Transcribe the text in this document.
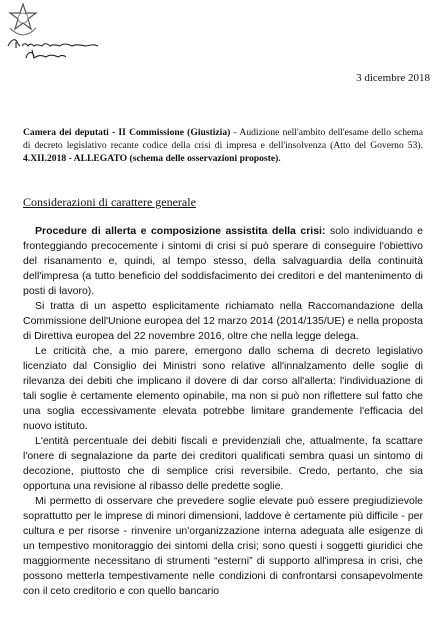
3 dicembre 2018
Camera dei deputati - II Commissione (Giustizia) - Audizione nell'ambito dell'esame dello schema di decreto legislativo recante codice della crisi di impresa e dell'insolvenza (Atto del Governo 53). 4.XII.2018 - ALLEGATO (schema delle osservazioni proposte).
Considerazioni di carattere generale

Procedure di allerta e composizione assistita della crisi: solo individuando e fronteggiando precocemente i sintomi di crisi si può sperare di conseguire l'obiettivo del risanamento e, quindi, al tempo stesso, della salvaguardia della continuità dell'impresa (a tutto beneficio del soddisfacimento dei creditori e del mantenimento di posti di lavoro).

Si tratta di un aspetto esplicitamente richiamato nella Raccomandazione della Commissione dell'Unione europea del 12 marzo 2014 (2014/135/UE) e nella proposta di Direttiva europea del 22 novembre 2016, oltre che nella legge delega.

Le criticità che, a mio parere, emergono dallo schema di decreto legislativo licenziato dal Consiglio dei Ministri sono relative all'innalzamento delle soglie di rilevanza dei debiti che implicano il dovere di dar corso all'allerta: l'individuazione di tali soglie è certamente elemento opinabile, ma non si può non riflettere sul fatto che una soglia eccessivamente elevata potrebbe limitare grandemente l'efficacia del nuovo istituto.

L'entità percentuale dei debiti fiscali e previdenziali che, attualmente, fa scattare l'onere di segnalazione da parte dei creditori qualificati sembra quasi un sintomo di decozione, piuttosto che di semplice crisi reversibile. Credo, pertanto, che sia opportuna una revisione al ribasso delle predette soglie.

Mi permetto di osservare che prevedere soglie elevate può essere pregiudizievole soprattutto per le imprese di minori dimensioni, laddove è certamente più difficile - per cultura e per risorse - rinvenire un'organizzazione interna adeguata alle esigenze di un tempestivo monitoraggio dei sintomi della crisi; sono questi i soggetti giuridici che maggiormente necessitano di strumenti “esterni” di supporto all'impresa in crisi, che possono metterla tempestivamente nelle condizioni di confrontarsi consapevolmente con il ceto creditorio e con quello bancario
